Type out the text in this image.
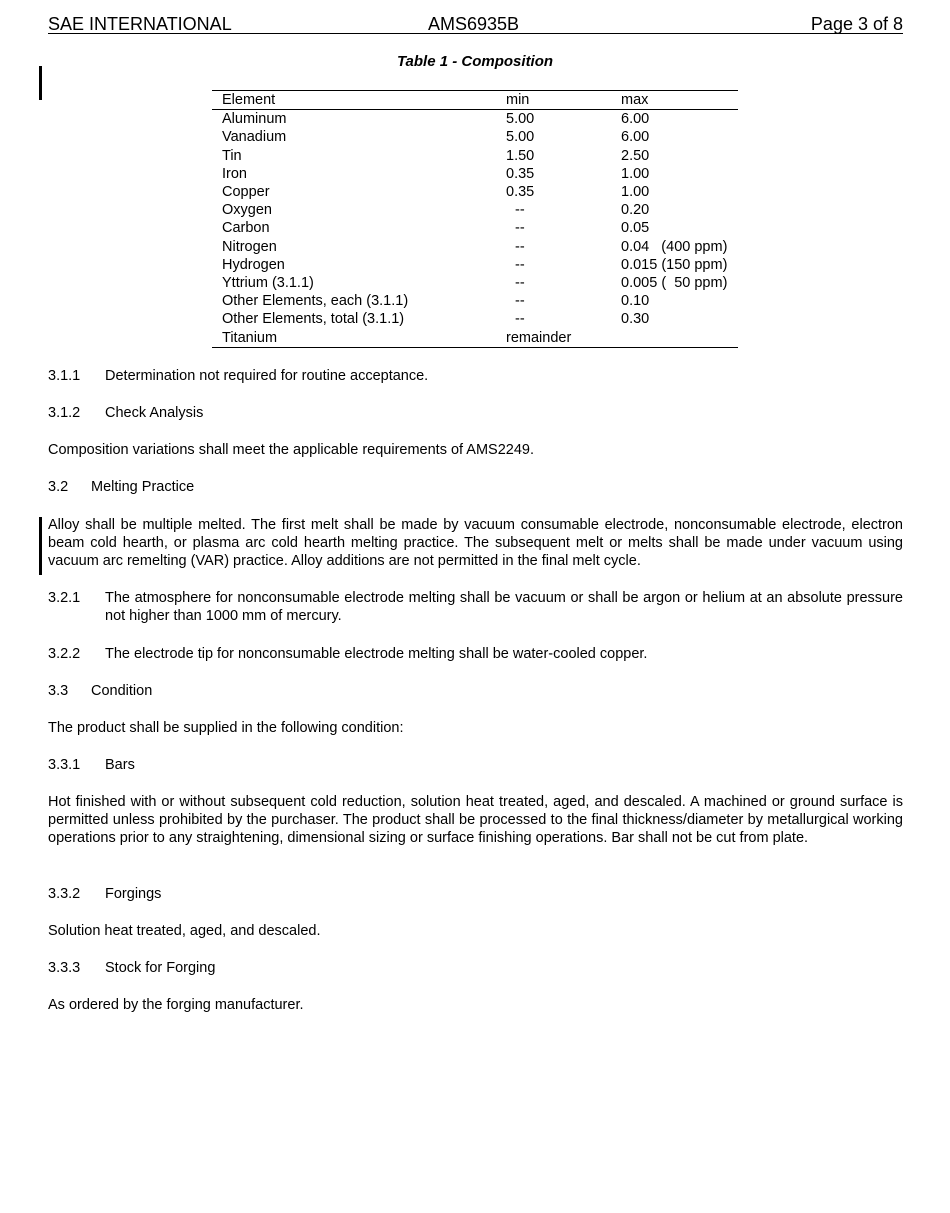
SAE INTERNATIONAL	AMS6935B	Page 3 of 8
Table 1 - Composition
Element	min	max
Aluminum	5.00	6.00
Vanadium	5.00	6.00
Tin	1.50	2.50
Iron	0.35	1.00
Copper	0.35	1.00
Oxygen	--	0.20
Carbon	--	0.05
Nitrogen	--	0.04   (400 ppm)
Hydrogen	--	0.015 (150 ppm)
Yttrium (3.1.1)	--	0.005 (  50 ppm)
Other Elements, each (3.1.1)	--	0.10
Other Elements, total (3.1.1)	--	0.30
Titanium	remainder	
3.1.1 Determination not required for routine acceptance.
3.1.2 Check Analysis
Composition variations shall meet the applicable requirements of AMS2249.
3.2 Melting Practice
Alloy shall be multiple melted. The first melt shall be made by vacuum consumable electrode, nonconsumable electrode, electron beam cold hearth, or plasma arc cold hearth melting practice. The subsequent melt or melts shall be made under vacuum using vacuum arc remelting (VAR) practice. Alloy additions are not permitted in the final melt cycle.
3.2.1 The atmosphere for nonconsumable electrode melting shall be vacuum or shall be argon or helium at an absolute pressure not higher than 1000 mm of mercury.
3.2.2 The electrode tip for nonconsumable electrode melting shall be water-cooled copper.
3.3 Condition
The product shall be supplied in the following condition:
3.3.1 Bars
Hot finished with or without subsequent cold reduction, solution heat treated, aged, and descaled. A machined or ground surface is permitted unless prohibited by the purchaser. The product shall be processed to the final thickness/diameter by metallurgical working operations prior to any straightening, dimensional sizing or surface finishing operations. Bar shall not be cut from plate.
3.3.2 Forgings
Solution heat treated, aged, and descaled.
3.3.3 Stock for Forging
As ordered by the forging manufacturer.
